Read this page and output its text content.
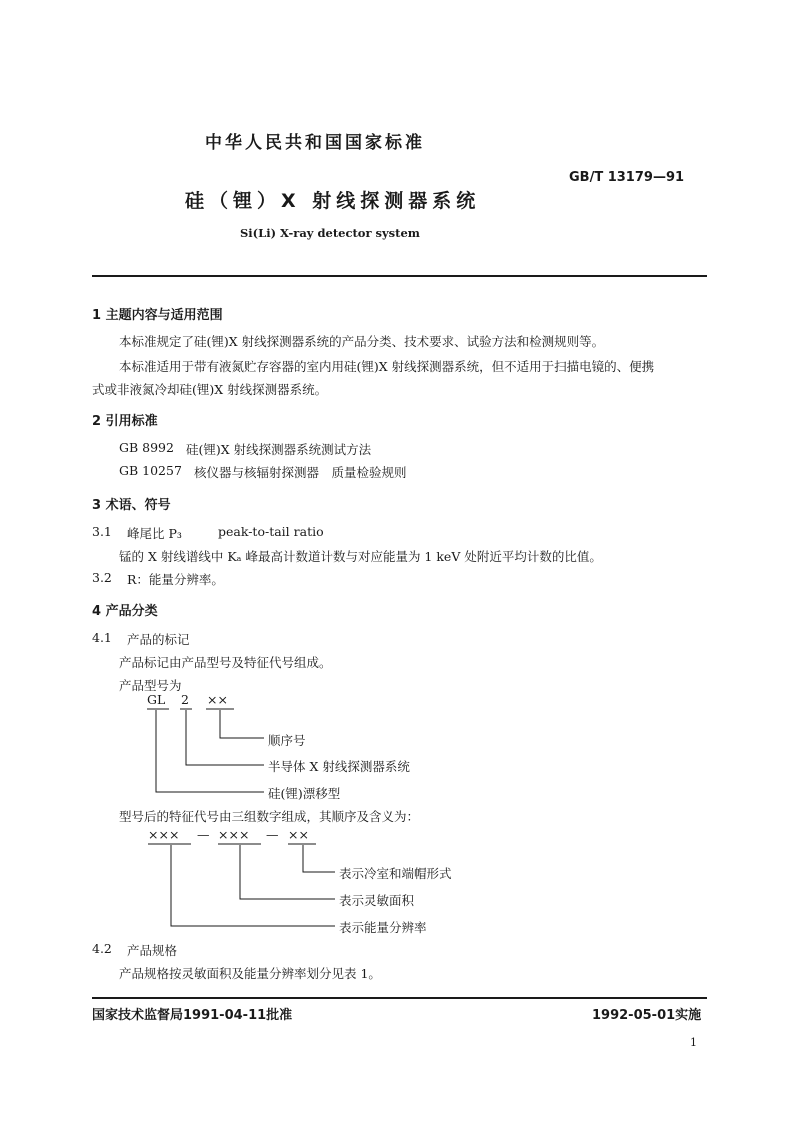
中华人民共和国国家标准
GB/T 13179—91
硅（锂）X 射线探测器系统
Si(Li) X-ray detector system
1 主题内容与适用范围
本标准规定了硅(锂)X 射线探测器系统的产品分类、技术要求、试验方法和检测规则等。
本标准适用于带有液氮贮存容器的室内用硅(锂)X 射线探测器系统，但不适用于扫描电镜的、便携
式或非液氮冷却硅(锂)X 射线探测器系统。
2 引用标准
GB 8992 硅(锂)X 射线探测器系统测试方法
GB 10257 核仪器与核辐射探测器　质量检验规则
3 术语、符号
3.1 峰尾比 P₃	peak-to-tail ratio
锰的 X 射线谱线中 Kₐ 峰最高计数道计数与对应能量为 1 keV 处附近平均计数的比值。
3.2 R：能量分辨率。
4 产品分类
4.1 产品的标记
产品标记由产品型号及特征代号组成。
产品型号为
GL 2 ××
顺序号
半导体 X 射线探测器系统
硅(锂)漂移型
型号后的特征代号由三组数字组成，其顺序及含义为：
××× — ××× — ××
表示冷室和端帽形式
表示灵敏面积
表示能量分辨率
4.2 产品规格
产品规格按灵敏面积及能量分辨率划分见表 1。
国家技术监督局1991-04-11批准	1992-05-01实施
1
